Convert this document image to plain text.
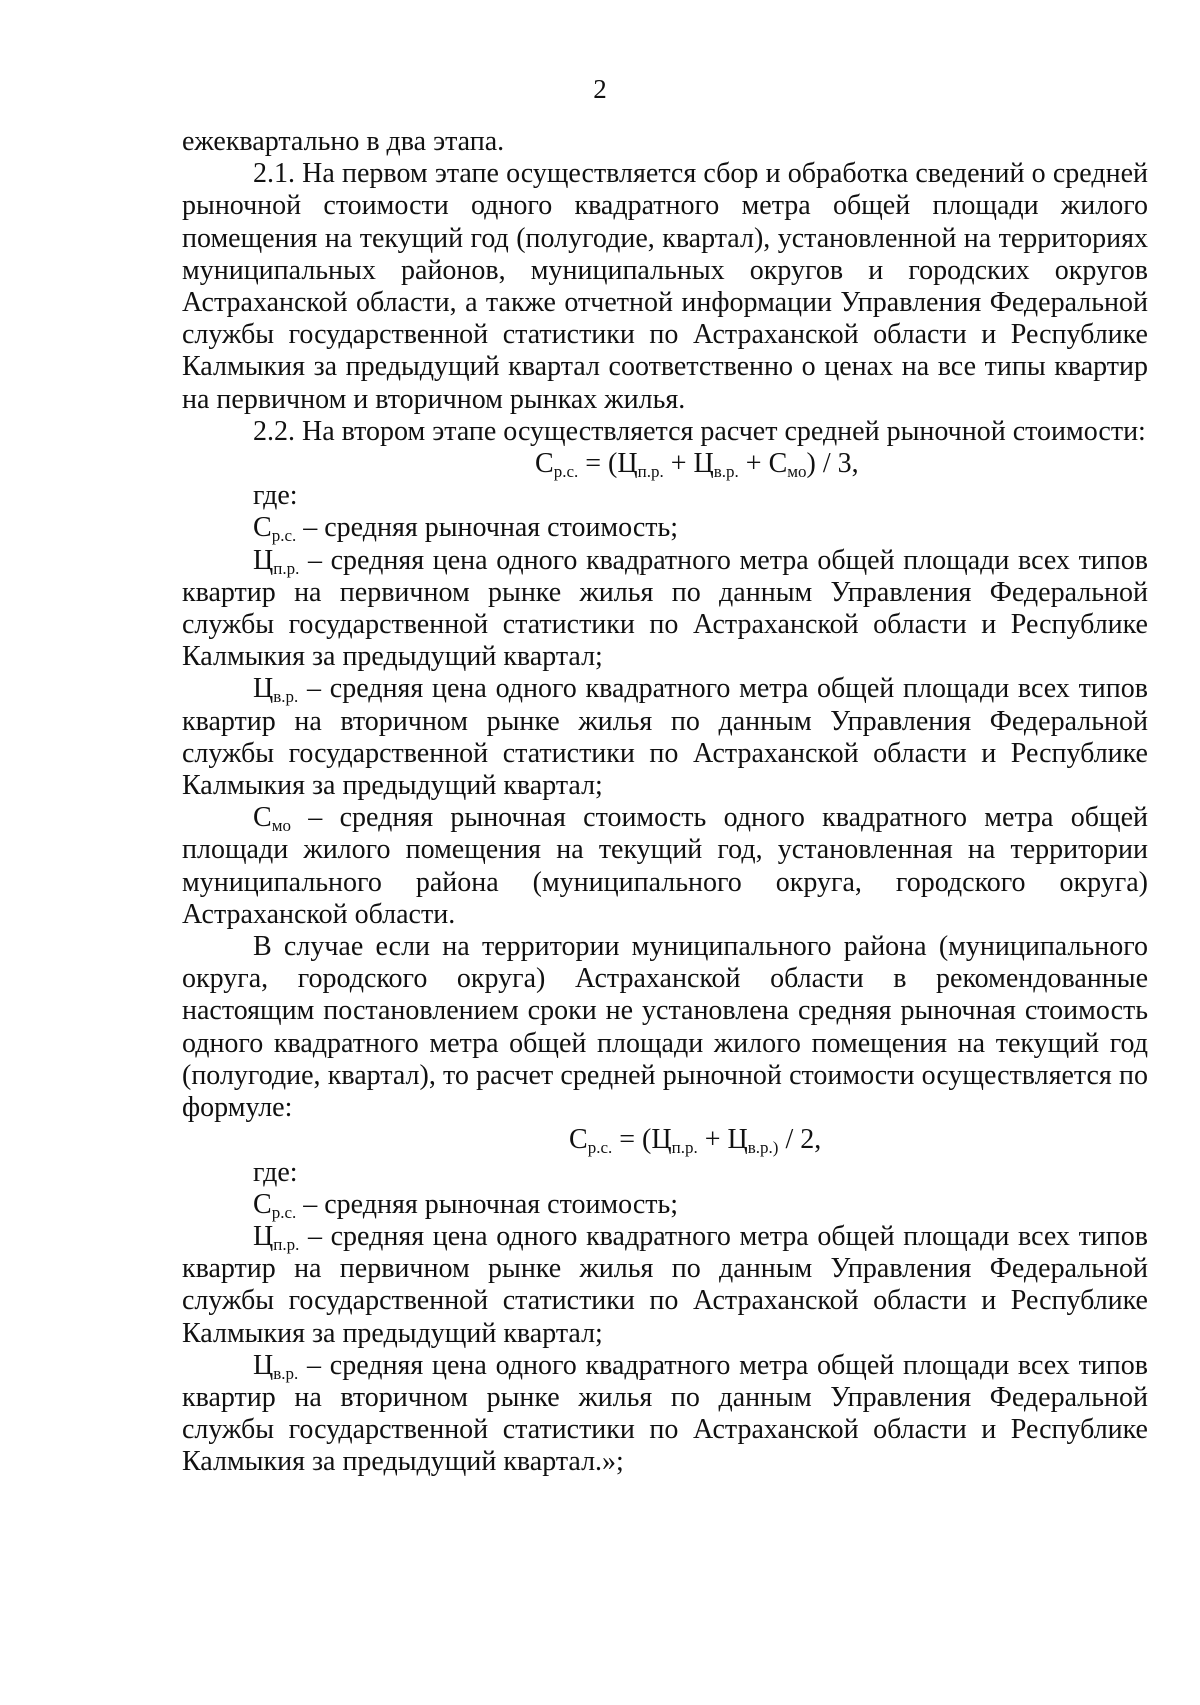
2

ежеквартально в два этапа.

2.1. На первом этапе осуществляется сбор и обработка сведений о средней рыночной стоимости одного квадратного метра общей площади жилого помещения на текущий год (полугодие, квартал), установленной на территориях муниципальных районов, муниципальных округов и городских округов Астраханской области, а также отчетной информации Управления Федеральной службы государственной статистики по Астраханской области и Республике Калмыкия за предыдущий квартал соответственно о ценах на все типы квартир на первичном и вторичном рынках жилья.

2.2. На втором этапе осуществляется расчет средней рыночной стоимости:

$С_{р.с.} = (Ц_{п.р.} + Ц_{в.р.} + С_{мо}) / 3$,

где:

$С_{р.с.}$ – средняя рыночная стоимость;

$Ц_{п.р.}$ – средняя цена одного квадратного метра общей площади всех типов квартир на первичном рынке жилья по данным Управления Федеральной службы государственной статистики по Астраханской области и Республике Калмыкия за предыдущий квартал;

$Ц_{в.р.}$ – средняя цена одного квадратного метра общей площади всех типов квартир на вторичном рынке жилья по данным Управления Федеральной службы государственной статистики по Астраханской области и Республике Калмыкия за предыдущий квартал;

$С_{мо}$ – средняя рыночная стоимость одного квадратного метра общей площади жилого помещения на текущий год, установленная на территории муниципального района (муниципального округа, городского округа) Астраханской области.

В случае если на территории муниципального района (муниципального округа, городского округа) Астраханской области в рекомендованные настоящим постановлением сроки не установлена средняя рыночная стоимость одного квадратного метра общей площади жилого помещения на текущий год (полугодие, квартал), то расчет средней рыночной стоимости осуществляется по формуле:

$С_{р.с.} = (Ц_{п.р.} + Ц_{в.р.)} / 2$,

где:

$С_{р.с.}$ – средняя рыночная стоимость;

$Ц_{п.р.}$ – средняя цена одного квадратного метра общей площади всех типов квартир на первичном рынке жилья по данным Управления Федеральной службы государственной статистики по Астраханской области и Республике Калмыкия за предыдущий квартал;

$Ц_{в.р.}$ – средняя цена одного квадратного метра общей площади всех типов квартир на вторичном рынке жилья по данным Управления Федеральной службы государственной статистики по Астраханской области и Республике Калмыкия за предыдущий квартал.»;
